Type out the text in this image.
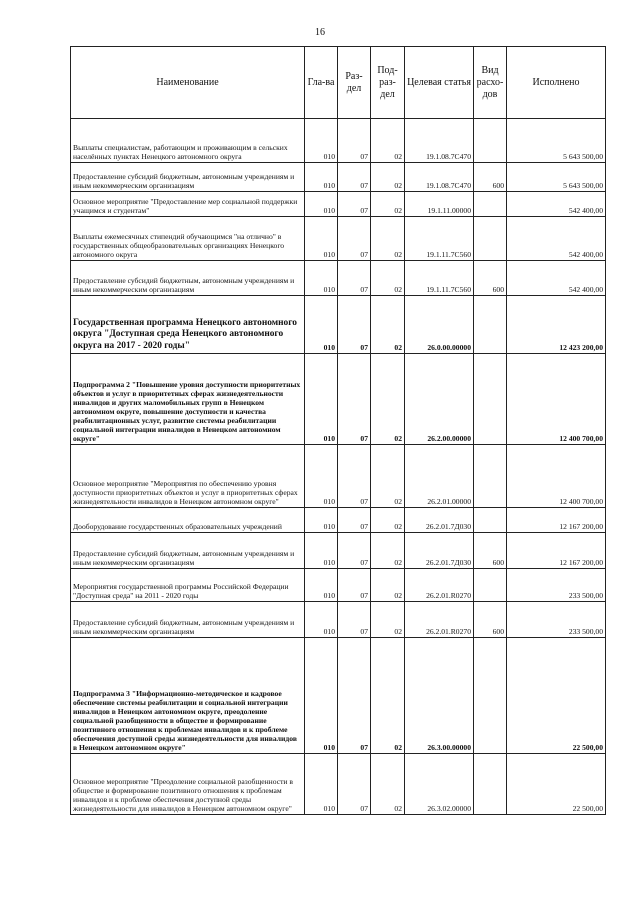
16
Наименование	Гла-ва	Раз-дел	Под-раз-дел	Целевая статья	Вид расхо-дов	Исполнено
Выплаты специалистам, работающим и проживающим в сельских населённых пунктах Ненецкого автономного округа	010	07	02	19.1.08.7С470		5 643 500,00
Предоставление субсидий бюджетным, автономным учреждениям и иным некоммерческим организациям	010	07	02	19.1.08.7С470	600	5 643 500,00
Основное мероприятие "Предоставление мер социальной поддержки учащимся и студентам"	010	07	02	19.1.11.00000		542 400,00
Выплаты ежемесячных стипендий обучающимся "на отлично" в государственных общеобразовательных организациях Ненецкого автономного округа	010	07	02	19.1.11.7С560		542 400,00
Предоставление субсидий бюджетным, автономным учреждениям и иным некоммерческим организациям	010	07	02	19.1.11.7С560	600	542 400,00
Государственная программа Ненецкого автономного округа "Доступная среда Ненецкого автономного округа на 2017 - 2020 годы"	010	07	02	26.0.00.00000		12 423 200,00
Подпрограмма 2 "Повышение уровня доступности приоритетных объектов и услуг в приоритетных сферах жизнедеятельности инвалидов и других маломобильных групп в Ненецком автономном округе, повышение доступности и качества реабилитационных услуг, развитие системы реабилитации социальной интеграции инвалидов в Ненецком автономном округе"	010	07	02	26.2.00.00000		12 400 700,00
Основное мероприятие "Мероприятия по обеспечению уровня доступности приоритетных объектов и услуг в приоритетных сферах жизнедеятельности инвалидов в Ненецком автономном округе"	010	07	02	26.2.01.00000		12 400 700,00
Дооборудование государственных образовательных учреждений	010	07	02	26.2.01.7Д030		12 167 200,00
Предоставление субсидий бюджетным, автономным учреждениям и иным некоммерческим организациям	010	07	02	26.2.01.7Д030	600	12 167 200,00
Мероприятия государственной программы Российской Федерации "Доступная среда" на 2011 - 2020 годы	010	07	02	26.2.01.R0270		233 500,00
Предоставление субсидий бюджетным, автономным учреждениям и иным некоммерческим организациям	010	07	02	26.2.01.R0270	600	233 500,00
Подпрограмма 3 "Информационно-методическое и кадровое обеспечение системы реабилитации и социальной интеграции инвалидов в Ненецком автономном округе, преодоление социальной разобщенности в обществе и формирование позитивного отношения к проблемам инвалидов и к проблеме обеспечения доступной среды жизнедеятельности для инвалидов в Ненецком автономном округе"	010	07	02	26.3.00.00000		22 500,00
Основное мероприятие "Преодоление социальной разобщенности в обществе и формирование позитивного отношения к проблемам инвалидов и к проблеме обеспечения доступной среды жизнедеятельности для инвалидов в Ненецком автономном округе"	010	07	02	26.3.02.00000		22 500,00
